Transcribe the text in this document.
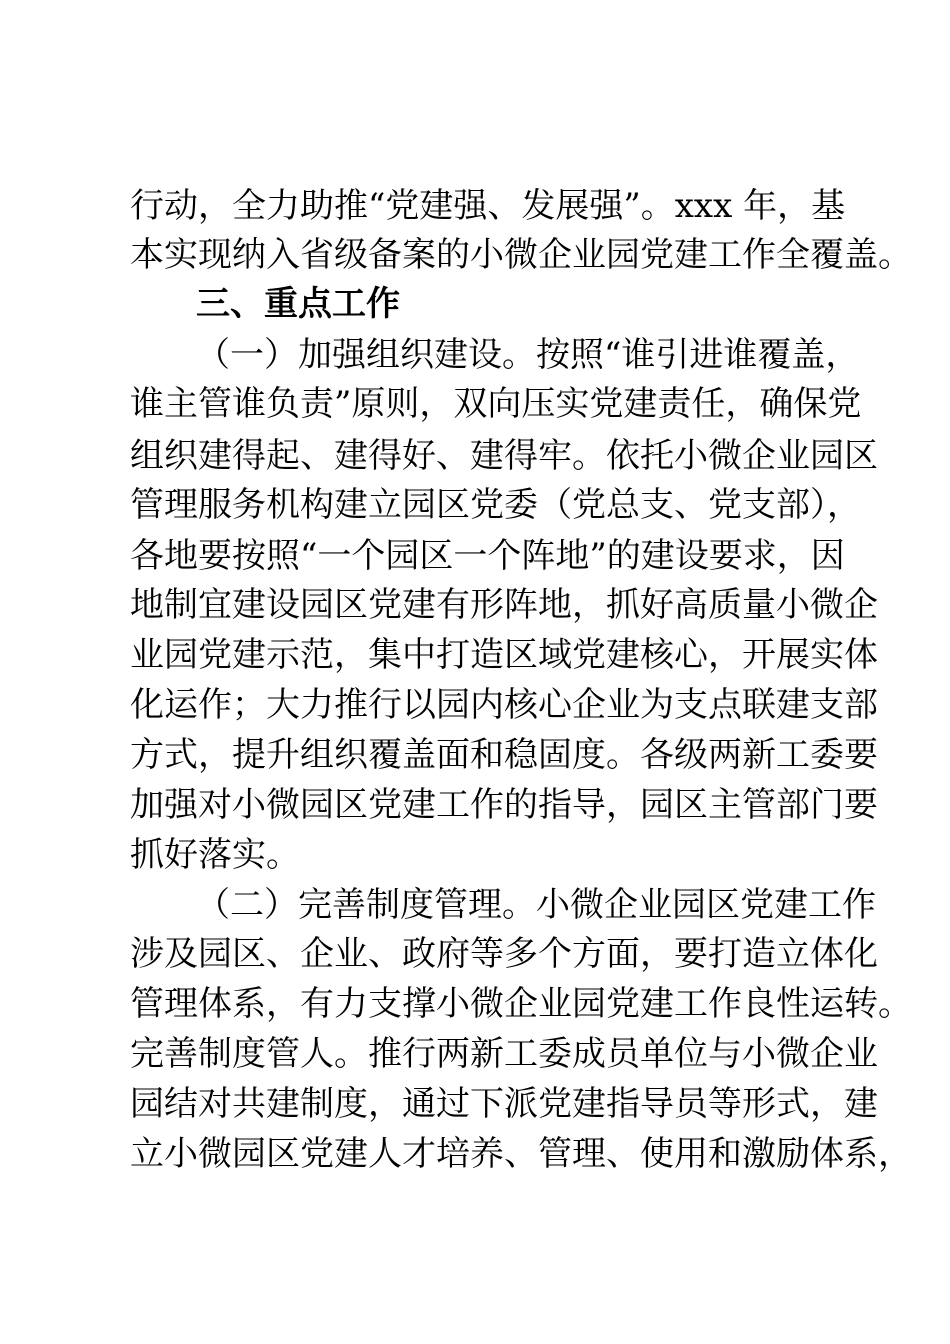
行动，全力助推“党建强、发展强”。xxx 年，基

本实现纳入省级备案的小微企业园党建工作全覆盖。

三、重点工作

（一）加强组织建设。按照“谁引进谁覆盖，

谁主管谁负责”原则，双向压实党建责任，确保党

组织建得起、建得好、建得牢。依托小微企业园区

管理服务机构建立园区党委（党总支、党支部），

各地要按照“一个园区一个阵地”的建设要求，因

地制宜建设园区党建有形阵地，抓好高质量小微企

业园党建示范，集中打造区域党建核心，开展实体

化运作；大力推行以园内核心企业为支点联建支部

方式，提升组织覆盖面和稳固度。各级两新工委要

加强对小微园区党建工作的指导，园区主管部门要

抓好落实。

（二）完善制度管理。小微企业园区党建工作

涉及园区、企业、政府等多个方面，要打造立体化

管理体系，有力支撑小微企业园党建工作良性运转。

完善制度管人。推行两新工委成员单位与小微企业

园结对共建制度，通过下派党建指导员等形式，建

立小微园区党建人才培养、管理、使用和激励体系，
